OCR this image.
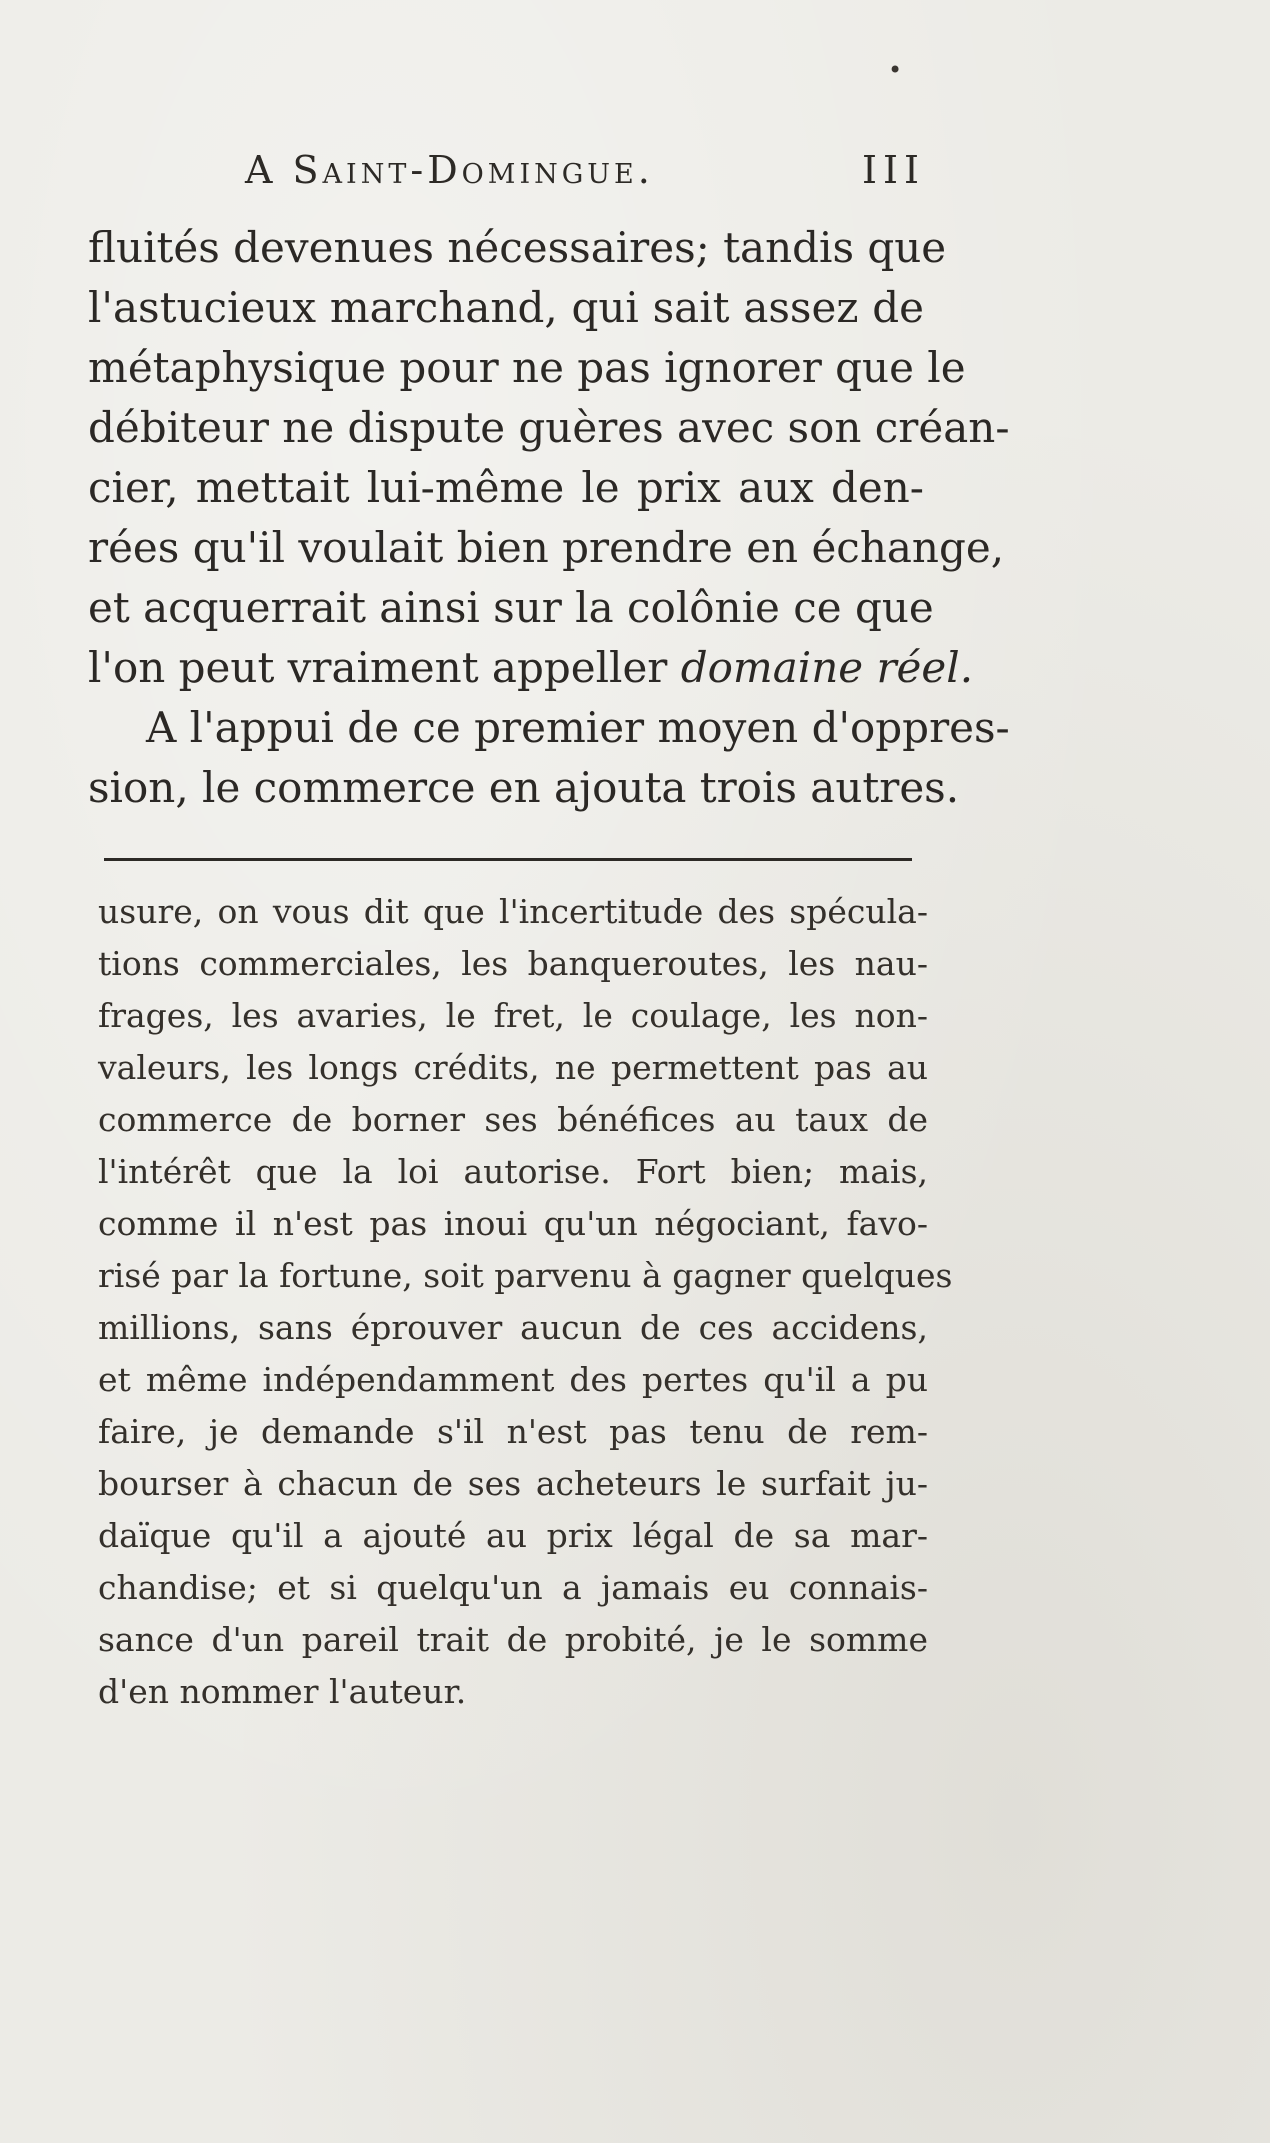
A Saint-Domingue.	III
fluités devenues nécessaires; tandis que
l'astucieux marchand, qui sait assez de
métaphysique pour ne pas ignorer que le
débiteur ne dispute guères avec son créan-
cier, mettait lui-même le prix aux den-
rées qu'il voulait bien prendre en échange,
et acquerrait ainsi sur la colônie ce que
l'on peut vraiment appeller domaine réel.
A l'appui de ce premier moyen d'oppres-
sion, le commerce en ajouta trois autres.
usure, on vous dit que l'incertitude des spécula-
tions commerciales, les banqueroutes, les nau-
frages, les avaries, le fret, le coulage, les non-
valeurs, les longs crédits, ne permettent pas au
commerce de borner ses bénéfices au taux de
l'intérêt que la loi autorise. Fort bien; mais,
comme il n'est pas inoui qu'un négociant, favo-
risé par la fortune, soit parvenu à gagner quelques
millions, sans éprouver aucun de ces accidens,
et même indépendamment des pertes qu'il a pu
faire, je demande s'il n'est pas tenu de rem-
bourser à chacun de ses acheteurs le surfait ju-
daïque qu'il a ajouté au prix légal de sa mar-
chandise; et si quelqu'un a jamais eu connais-
sance d'un pareil trait de probité, je le somme
d'en nommer l'auteur.
•
